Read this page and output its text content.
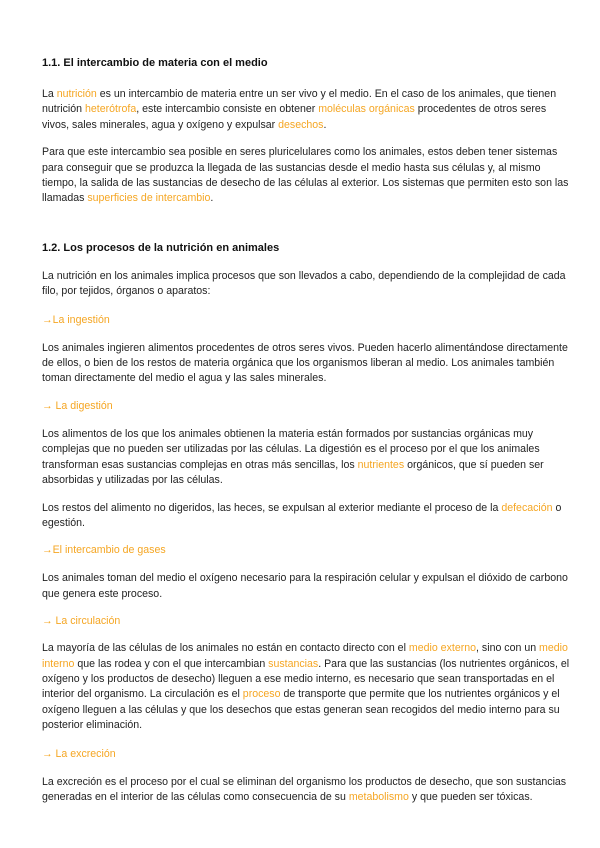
1.1. El intercambio de materia con el medio

La nutrición es un intercambio de materia entre un ser vivo y el medio. En el caso de los animales, que tienen nutrición heterótrofa, este intercambio consiste en obtener moléculas orgánicas procedentes de otros seres vivos, sales minerales, agua y oxígeno y expulsar desechos.

Para que este intercambio sea posible en seres pluricelulares como los animales, estos deben tener sistemas para conseguir que se produzca la llegada de las sustancias desde el medio hasta sus células y, al mismo tiempo, la salida de las sustancias de desecho de las células al exterior. Los sistemas que permiten esto son las llamadas superficies de intercambio.

1.2. Los procesos de la nutrición en animales

La nutrición en los animales implica procesos que son llevados a cabo, dependiendo de la complejidad de cada filo, por tejidos, órganos o aparatos:

→La ingestión

Los animales ingieren alimentos procedentes de otros seres vivos. Pueden hacerlo alimentándose directamente de ellos, o bien de los restos de materia orgánica que los organismos liberan al medio. Los animales también toman directamente del medio el agua y las sales minerales.

→ La digestión

Los alimentos de los que los animales obtienen la materia están formados por sustancias orgánicas muy complejas que no pueden ser utilizadas por las células. La digestión es el proceso por el que los animales transforman esas sustancias complejas en otras más sencillas, los nutrientes orgánicos, que sí pueden ser absorbidas y utilizadas por las células.

Los restos del alimento no digeridos, las heces, se expulsan al exterior mediante el proceso de la defecación o egestión.

→El intercambio de gases

Los animales toman del medio el oxígeno necesario para la respiración celular y expulsan el dióxido de carbono que genera este proceso.

→ La circulación

La mayoría de las células de los animales no están en contacto directo con el medio externo, sino con un medio interno que las rodea y con el que intercambian sustancias. Para que las sustancias (los nutrientes orgánicos, el oxígeno y los productos de desecho) lleguen a ese medio interno, es necesario que sean transportadas en el interior del organismo. La circulación es el proceso de transporte que permite que los nutrientes orgánicos y el oxígeno lleguen a las células y que los desechos que estas generan sean recogidos del medio interno para su posterior eliminación.

→ La excreción

La excreción es el proceso por el cual se eliminan del organismo los productos de desecho, que son sustancias generadas en el interior de las células como consecuencia de su metabolismo y que pueden ser tóxicas.
